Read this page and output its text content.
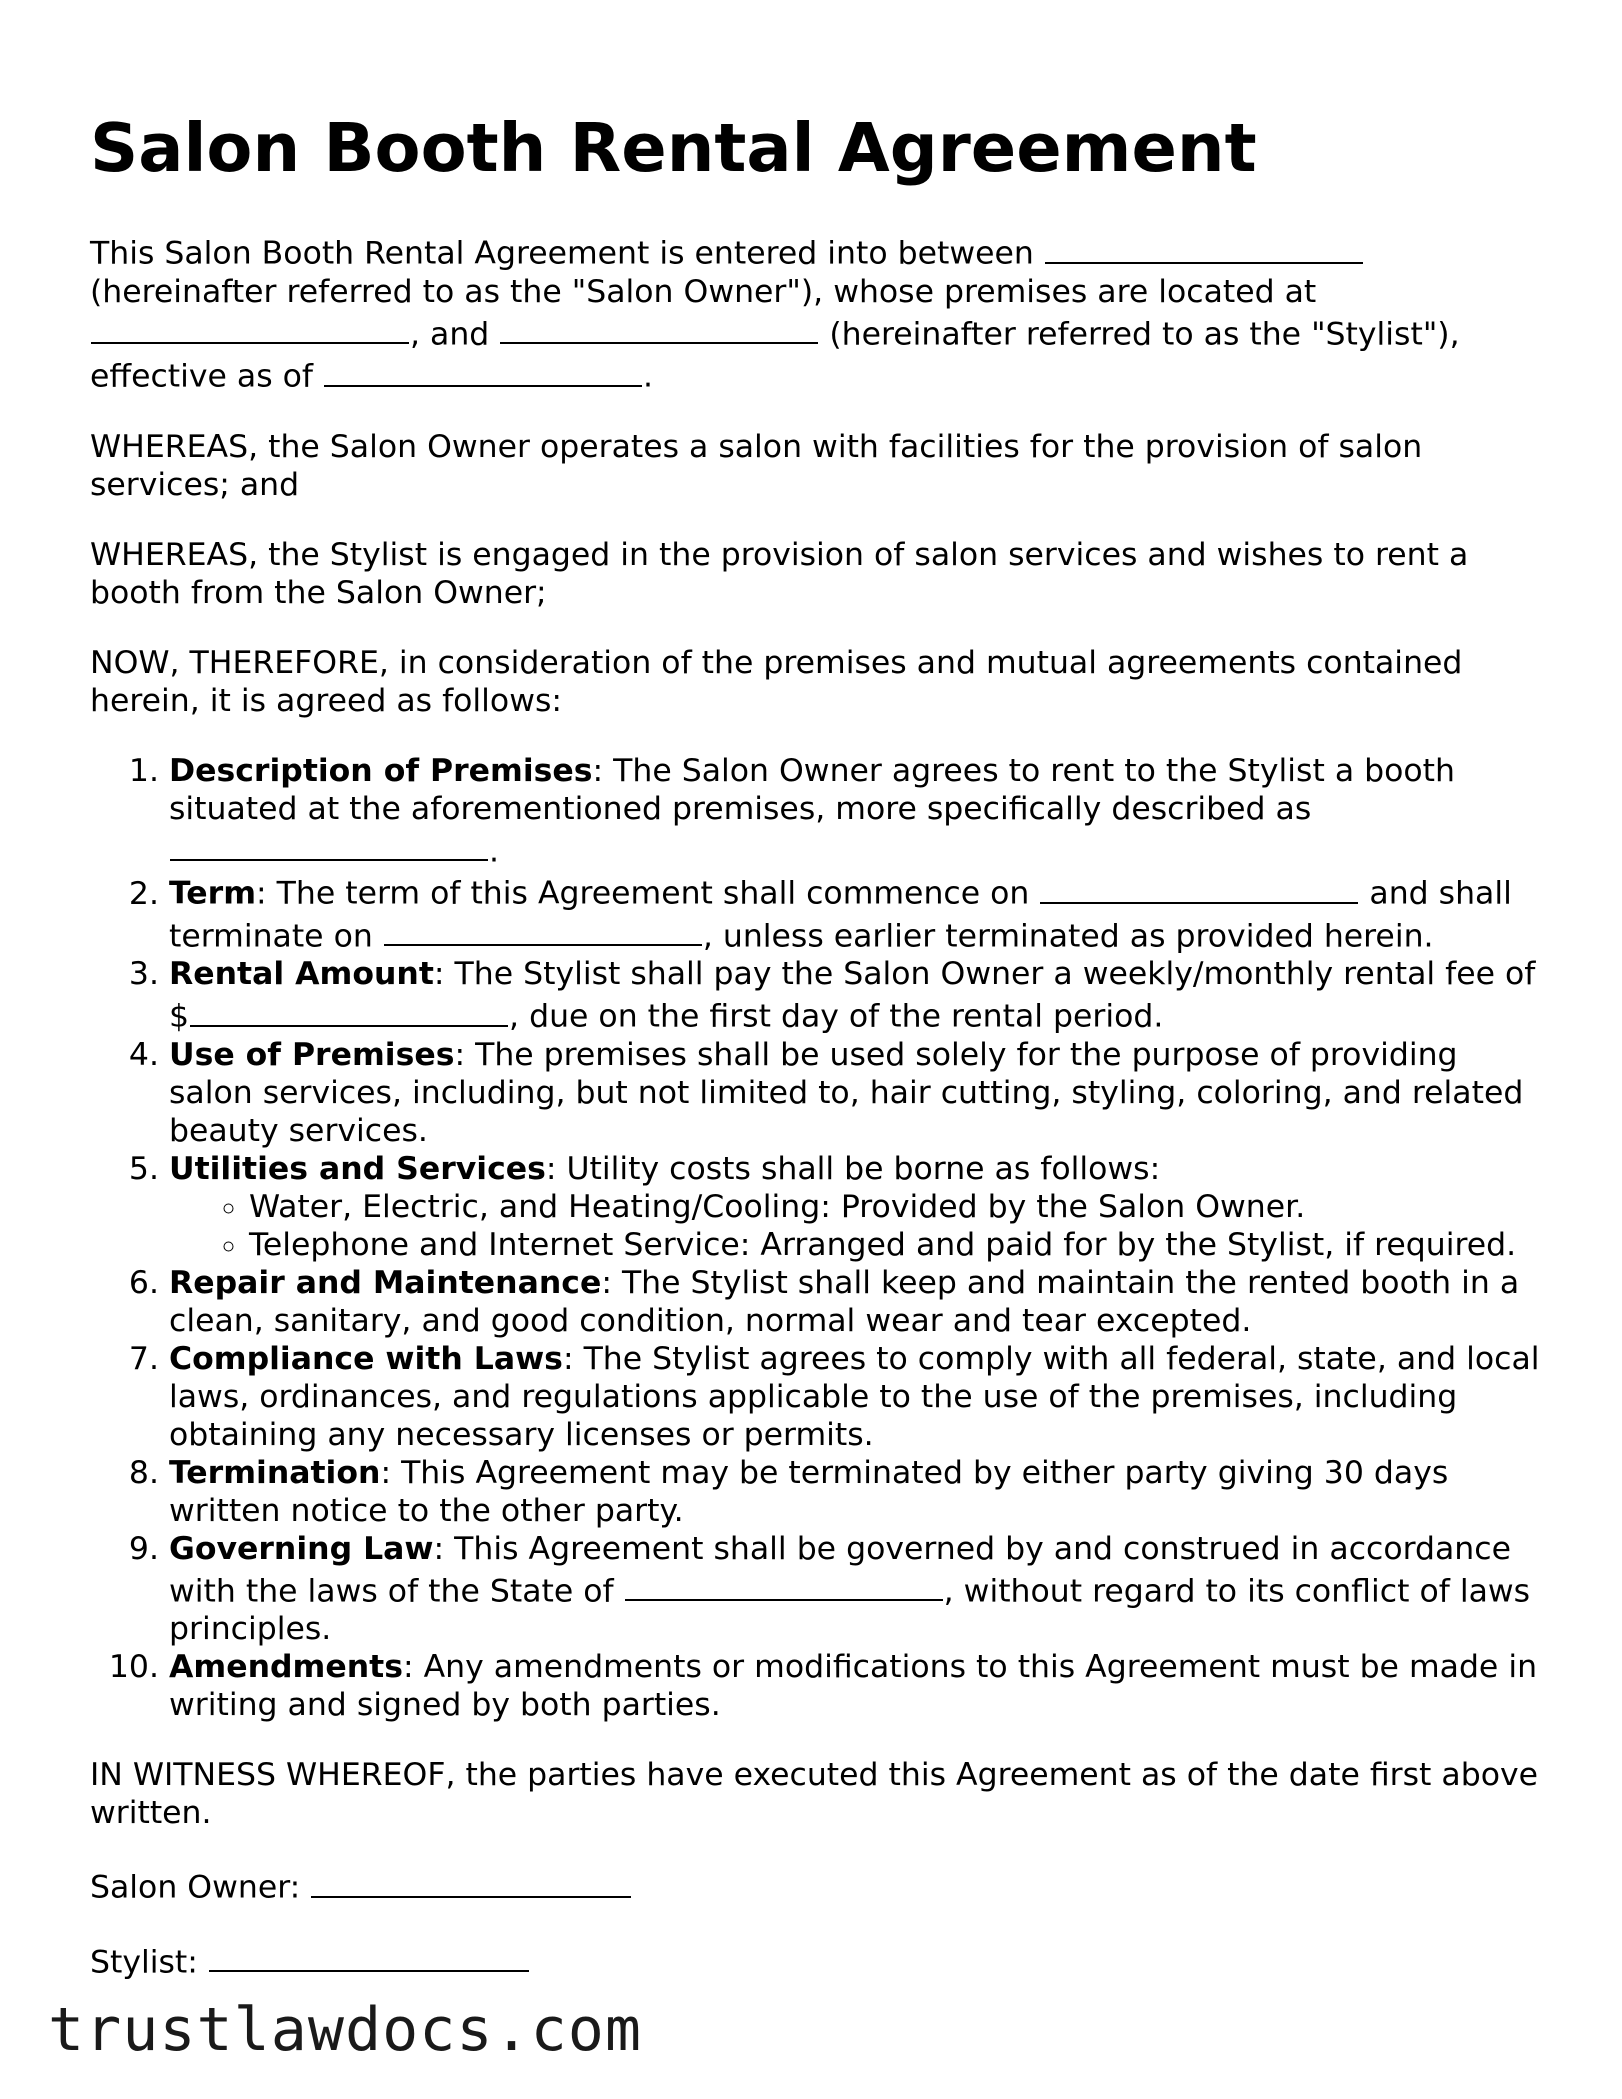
Salon Booth Rental Agreement

This Salon Booth Rental Agreement is entered into between  (hereinafter referred to as the "Salon Owner"), whose premises are located at , and	(hereinafter referred to as the "Stylist"), effective as of	.

WHEREAS, the Salon Owner operates a salon with facilities for the provision of salon services; and

WHEREAS, the Stylist is engaged in the provision of salon services and wishes to rent a booth from the Salon Owner;

NOW, THEREFORE, in consideration of the premises and mutual agreements contained herein, it is agreed as follows:

1. Description of Premises: The Salon Owner agrees to rent to the Stylist a booth situated at the aforementioned premises, more specifically described as .
2. Term: The term of this Agreement shall commence on	and shall terminate on	, unless earlier terminated as provided herein.
3. Rental Amount: The Stylist shall pay the Salon Owner a weekly/monthly rental fee of $	, due on the first day of the rental period.
4. Use of Premises: The premises shall be used solely for the purpose of providing salon services, including, but not limited to, hair cutting, styling, coloring, and related beauty services.
5. Utilities and Services: Utility costs shall be borne as follows:
◦ Water, Electric, and Heating/Cooling: Provided by the Salon Owner.
◦ Telephone and Internet Service: Arranged and paid for by the Stylist, if required.
6. Repair and Maintenance: The Stylist shall keep and maintain the rented booth in a clean, sanitary, and good condition, normal wear and tear excepted.
7. Compliance with Laws: The Stylist agrees to comply with all federal, state, and local laws, ordinances, and regulations applicable to the use of the premises, including obtaining any necessary licenses or permits.
8. Termination: This Agreement may be terminated by either party giving 30 days written notice to the other party.
9. Governing Law: This Agreement shall be governed by and construed in accordance with the laws of the State of	, without regard to its conflict of laws principles.
10. Amendments: Any amendments or modifications to this Agreement must be made in writing and signed by both parties.

IN WITNESS WHEREOF, the parties have executed this Agreement as of the date first above written.

Salon Owner:

Stylist:

trustlawdocs.com
